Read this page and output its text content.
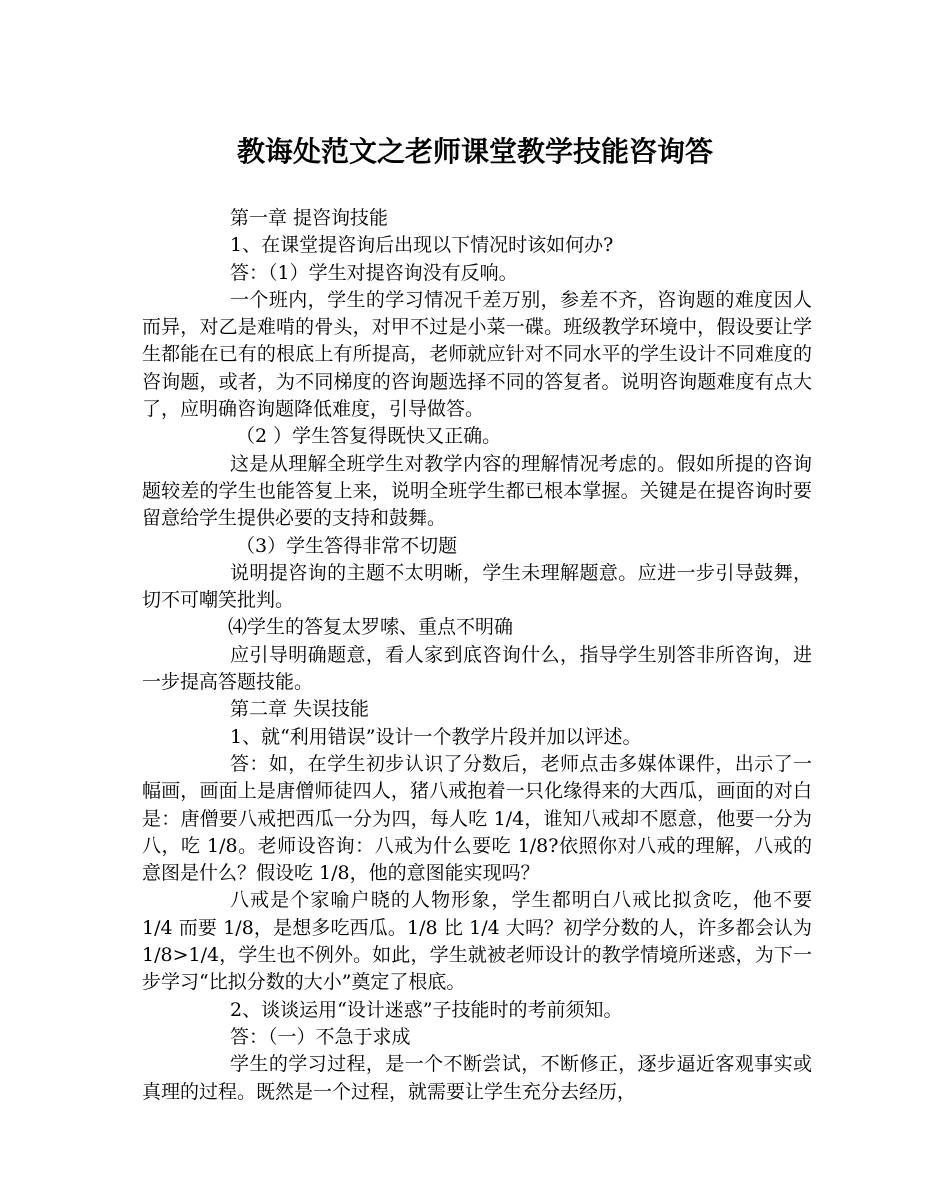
教诲处范文之老师课堂教学技能咨询答

第一章 提咨询技能

1、在课堂提咨询后出现以下情况时该如何办?

答：（1）学生对提咨询没有反响。

一个班内，学生的学习情况千差万别，参差不齐，咨询题的难度因人而异，对乙是难啃的骨头，对甲不过是小菜一碟。班级教学环境中，假设要让学生都能在已有的根底上有所提高，老师就应针对不同水平的学生设计不同难度的咨询题，或者，为不同梯度的咨询题选择不同的答复者。说明咨询题难度有点大了，应明确咨询题降低难度，引导做答。

（2 ）学生答复得既快又正确。

这是从理解全班学生对教学内容的理解情况考虑的。假如所提的咨询题较差的学生也能答复上来，说明全班学生都已根本掌握。关键是在提咨询时要留意给学生提供必要的支持和鼓舞。

（3）学生答得非常不切题

说明提咨询的主题不太明晰，学生未理解题意。应进一步引导鼓舞，切不可嘲笑批判。

⑷学生的答复太罗嗦、重点不明确

应引导明确题意，看人家到底咨询什么，指导学生别答非所咨询，进一步提高答题技能。

第二章 失误技能

1、就“利用错误”设计一个教学片段并加以评述。

答：如，在学生初步认识了分数后，老师点击多媒体课件，出示了一幅画，画面上是唐僧师徒四人，猪八戒抱着一只化缘得来的大西瓜，画面的对白是：唐僧要八戒把西瓜一分为四，每人吃 1/4，谁知八戒却不愿意，他要一分为八，吃 1/8。老师设咨询：八戒为什么要吃 1/8?依照你对八戒的理解，八戒的意图是什么？假设吃 1/8，他的意图能实现吗？

八戒是个家喻户晓的人物形象，学生都明白八戒比拟贪吃，他不要 1/4 而要 1/8，是想多吃西瓜。1/8 比 1/4 大吗？初学分数的人，许多都会认为 1/8>1/4，学生也不例外。如此，学生就被老师设计的教学情境所迷惑，为下一步学习“比拟分数的大小”奠定了根底。

2、谈谈运用“设计迷惑”子技能时的考前须知。

答：（一）不急于求成

学生的学习过程，是一个不断尝试，不断修正，逐步逼近客观事实或真理的过程。既然是一个过程，就需要让学生充分去经历，
